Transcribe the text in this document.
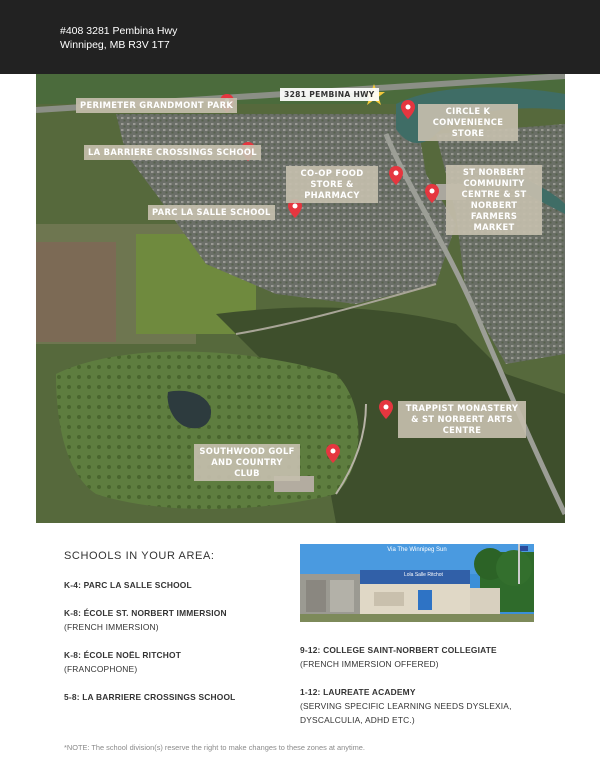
#408 3281 Pembina Hwy
Winnipeg, MB R3V 1T7
3281 PEMBINA HWY
PERIMETER GRANDMONT PARK
LA BARRIERE CROSSINGS SCHOOL
PARC LA SALLE SCHOOL
CO-OP FOOD STORE & PHARMACY
CIRCLE K CONVENIENCE STORE
ST NORBERT COMMUNITY CENTRE & ST NORBERT FARMERS MARKET
TRAPPIST MONASTERY & ST NORBERT ARTS CENTRE
SOUTHWOOD GOLF AND COUNTRY CLUB
SCHOOLS IN YOUR AREA:
K-4: PARC LA SALLE SCHOOL
K-8: ÉCOLE ST. NORBERT IMMERSION
(FRENCH IMMERSION)
K-8: ÉCOLE NOËL RITCHOT
(FRANCOPHONE)
5-8: LA BARRIERE CROSSINGS SCHOOL
Via The Winnipeg Sun
Lola Salle Ritchot
9-12: COLLEGE SAINT-NORBERT COLLEGIATE
(FRENCH IMMERSION OFFERED)
1-12: LAUREATE ACADEMY
(SERVING SPECIFIC LEARNING NEEDS DYSLEXIA, DYSCALCULIA, ADHD ETC.)
*NOTE: The school division(s) reserve the right to make changes to these zones at anytime.
